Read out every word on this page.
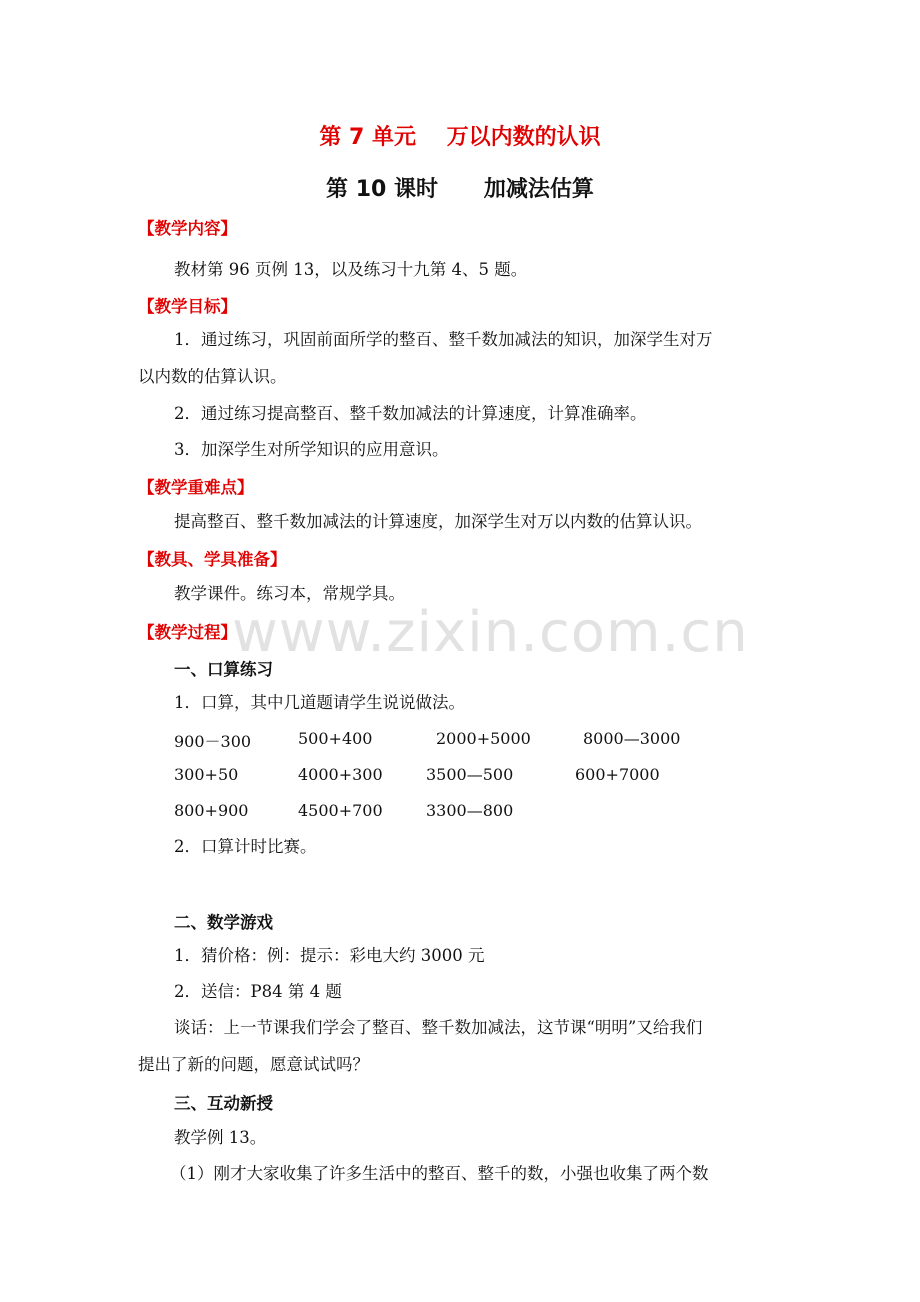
第 7 单元    万以内数的认识
第 10 课时      加减法估算
【教学内容】
教材第 96 页例 13，以及练习十九第 4、5 题。
【教学目标】
1．通过练习，巩固前面所学的整百、整千数加减法的知识，加深学生对万
以内数的估算认识。
2．通过练习提高整百、整千数加减法的计算速度，计算准确率。
3．加深学生对所学知识的应用意识。
【教学重难点】
提高整百、整千数加减法的计算速度，加深学生对万以内数的估算认识。
【教具、学具准备】
教学课件。练习本，常规学具。
【教学过程】
一、口算练习
1．口算，其中几道题请学生说说做法。
900－300	500+400	2000+5000	8000—3000
300+50	4000+300	3500—500	600+7000
800+900	4500+700	3300—800
2．口算计时比赛。
二、数学游戏
1．猜价格：例：提示：彩电大约 3000 元
2．送信：P84 第 4 题
谈话：上一节课我们学会了整百、整千数加减法，这节课“明明”又给我们
提出了新的问题，愿意试试吗？
三、互动新授
教学例 13。
（1）刚才大家收集了许多生活中的整百、整千的数，小强也收集了两个数
www.zixin.com.cn
